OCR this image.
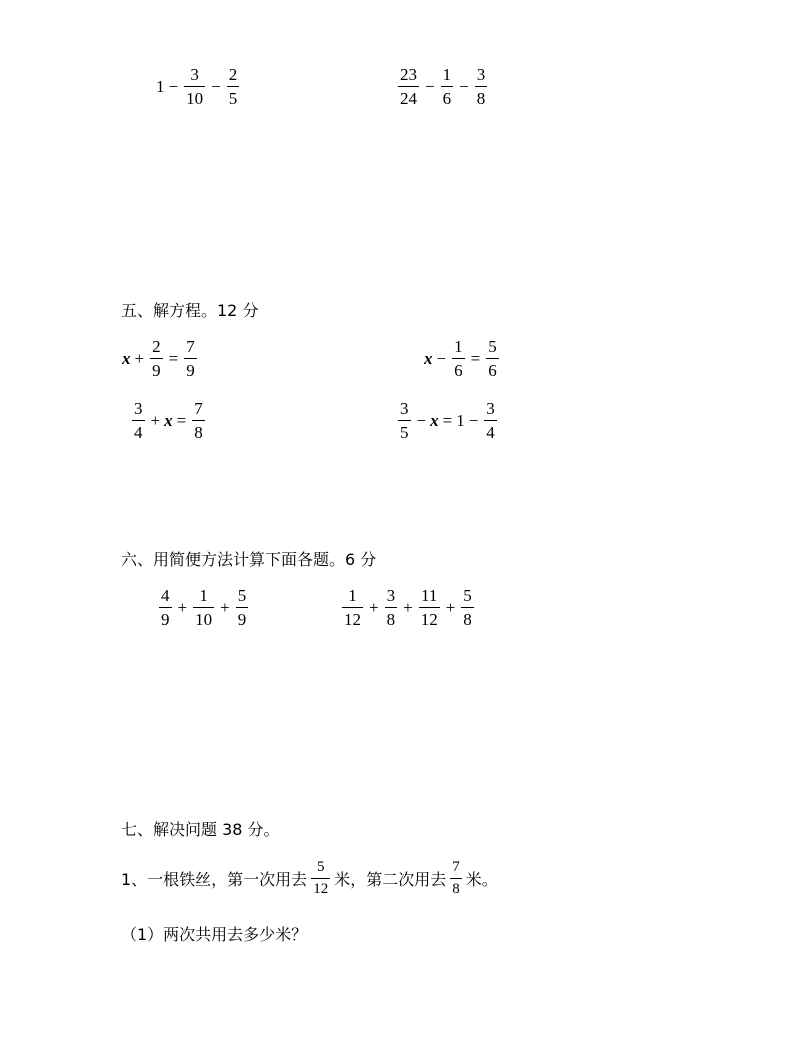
$1 - \frac{3}{10} - \frac{2}{5}$	$\frac{23}{24} - \frac{1}{6} - \frac{3}{8}$
五、解方程。12 分
$x + \frac{2}{9} = \frac{7}{9}$	$x - \frac{1}{6} = \frac{5}{6}$
$\frac{3}{4} + x = \frac{7}{8}$	$\frac{3}{5} - x = 1 - \frac{3}{4}$
六、用简便方法计算下面各题。6 分
$\frac{4}{9} + \frac{1}{10} + \frac{5}{9}$	$\frac{1}{12} + \frac{3}{8} + \frac{11}{12} + \frac{5}{8}$
七、解决问题 38 分。
1、一根铁丝，第一次用去 $\frac{5}{12}$ 米，第二次用去 $\frac{7}{8}$ 米。
（1）两次共用去多少米？
